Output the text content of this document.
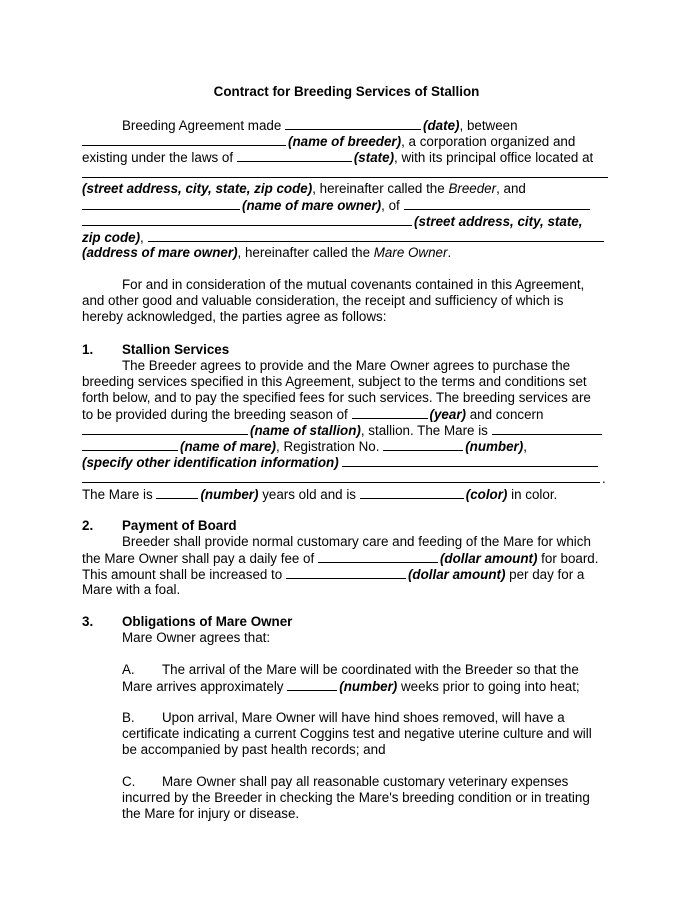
Contract for Breeding Services of Stallion
Breeding Agreement made	(date), between
(name of breeder), a corporation organized and
existing under the laws of	(state), with its principal office located at
(street address, city, state, zip code), hereinafter called the Breeder, and
(name of mare owner), of
(street address, city, state,
zip code),
(address of mare owner), hereinafter called the Mare Owner.
For and in consideration of the mutual covenants contained in this Agreement,
and other good and valuable consideration, the receipt and sufficiency of which is
hereby acknowledged, the parties agree as follows:
1. Stallion Services
The Breeder agrees to provide and the Mare Owner agrees to purchase the
breeding services specified in this Agreement, subject to the terms and conditions set
forth below, and to pay the specified fees for such services. The breeding services are
to be provided during the breeding season of	(year) and concern
(name of stallion), stallion. The Mare is
(name of mare), Registration No.	(number),
(specify other identification information)
.
The Mare is	(number) years old and is	(color) in color.
2. Payment of Board
Breeder shall provide normal customary care and feeding of the Mare for which
the Mare Owner shall pay a daily fee of	(dollar amount) for board.
This amount shall be increased to	(dollar amount) per day for a
Mare with a foal.
3. Obligations of Mare Owner
Mare Owner agrees that:
A. The arrival of the Mare will be coordinated with the Breeder so that the
Mare arrives approximately	(number) weeks prior to going into heat;
B. Upon arrival, Mare Owner will have hind shoes removed, will have a
certificate indicating a current Coggins test and negative uterine culture and will
be accompanied by past health records; and
C. Mare Owner shall pay all reasonable customary veterinary expenses
incurred by the Breeder in checking the Mare's breeding condition or in treating
the Mare for injury or disease.
